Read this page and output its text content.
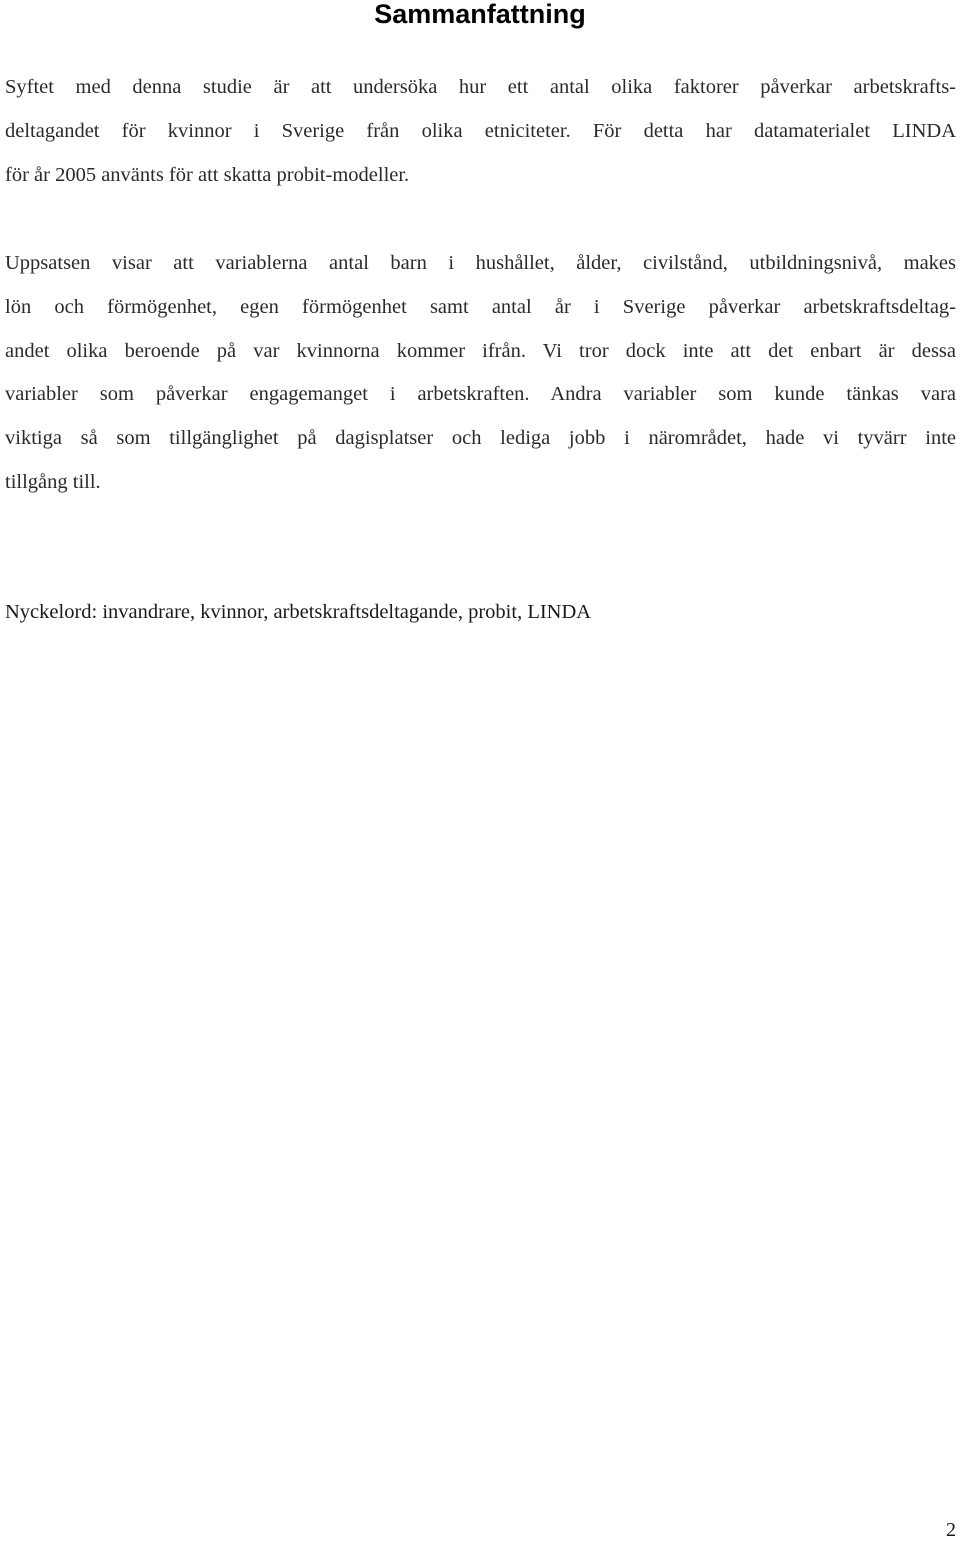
Sammanfattning
Syftet med denna studie är att undersöka hur ett antal olika faktorer påverkar arbetskrafts-
deltagandet för kvinnor i Sverige från olika etniciteter. För detta har datamaterialet LINDA
för år 2005 använts för att skatta probit-modeller.
Uppsatsen visar att variablerna antal barn i hushållet, ålder, civilstånd, utbildningsnivå, makes
lön och förmögenhet, egen förmögenhet samt antal år i Sverige påverkar arbetskraftsdeltag-
andet olika beroende på var kvinnorna kommer ifrån. Vi tror dock inte att det enbart är dessa
variabler som påverkar engagemanget i arbetskraften. Andra variabler som kunde tänkas vara
viktiga så som tillgänglighet på dagisplatser och lediga jobb i närområdet, hade vi tyvärr inte
tillgång till.

Nyckelord: invandrare, kvinnor, arbetskraftsdeltagande, probit, LINDA

2
